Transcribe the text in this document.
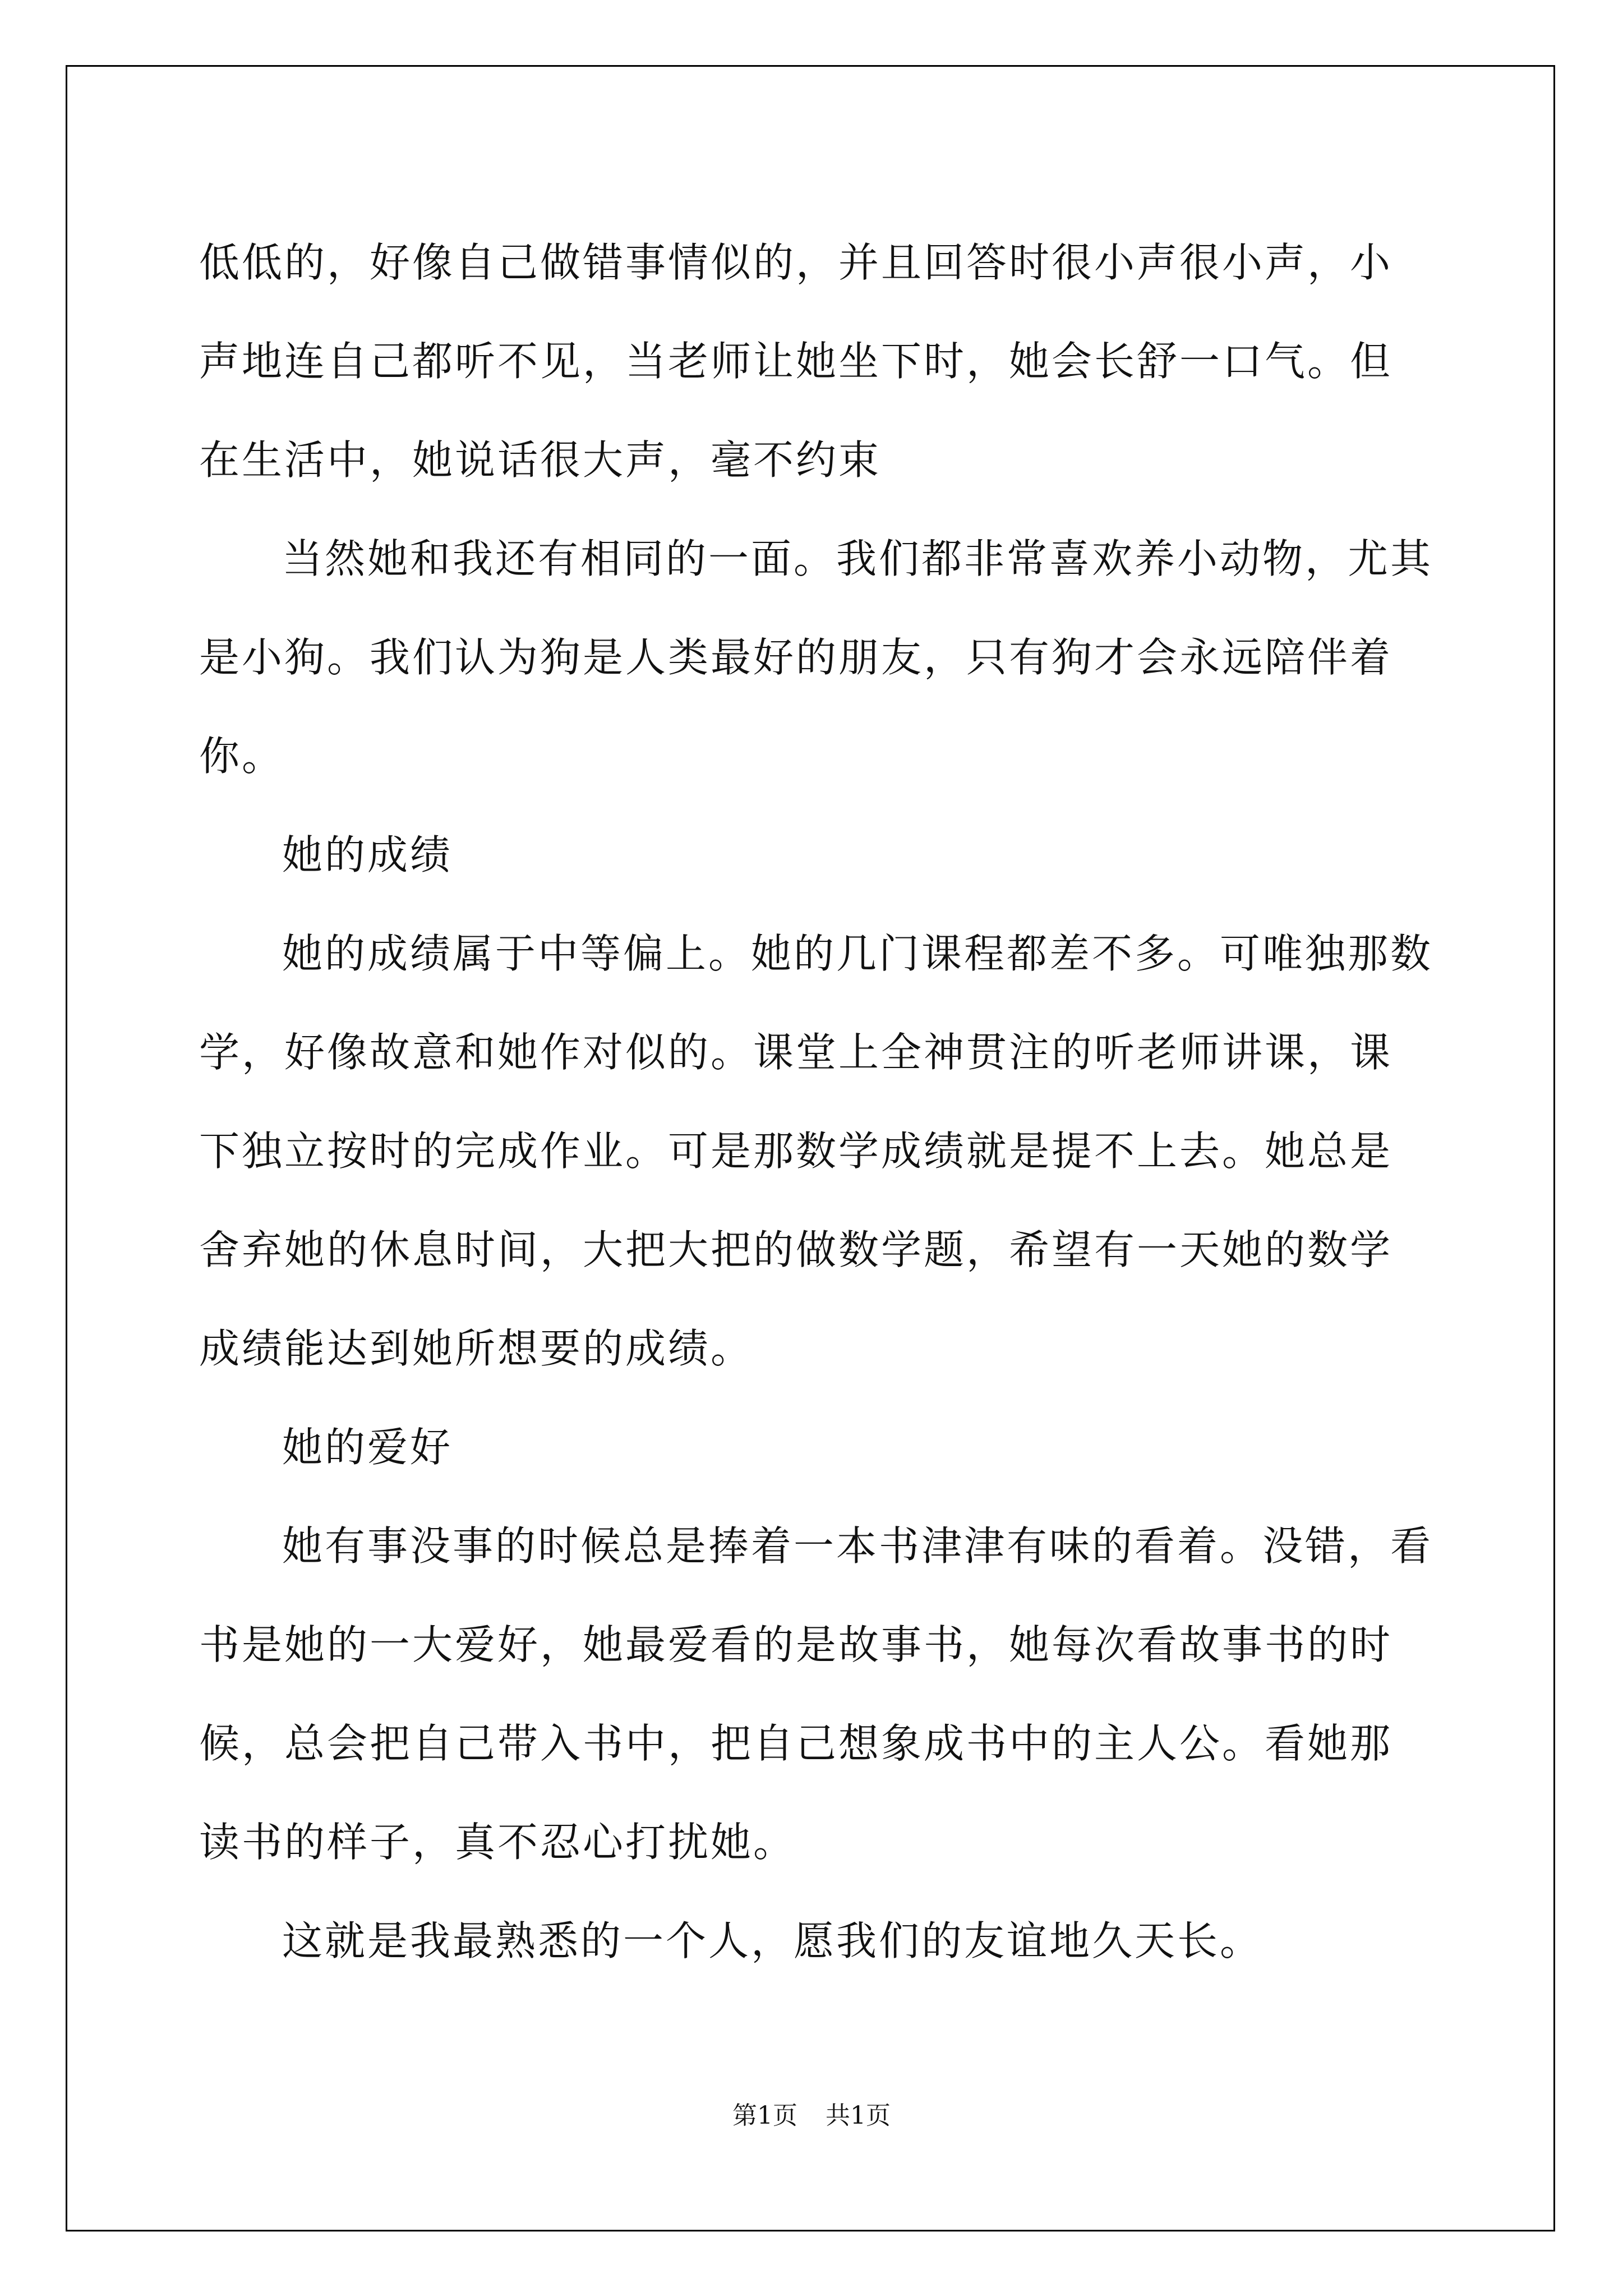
低低的，好像自己做错事情似的，并且回答时很小声很小声，小声地连自己都听不见，当老师让她坐下时，她会长舒一口气。但在生活中，她说话很大声，毫不约束

当然她和我还有相同的一面。我们都非常喜欢养小动物，尤其是小狗。我们认为狗是人类最好的朋友，只有狗才会永远陪伴着你。

她的成绩

她的成绩属于中等偏上。她的几门课程都差不多。可唯独那数学，好像故意和她作对似的。课堂上全神贯注的听老师讲课，课下独立按时的完成作业。可是那数学成绩就是提不上去。她总是舍弃她的休息时间，大把大把的做数学题，希望有一天她的数学成绩能达到她所想要的成绩。

她的爱好

她有事没事的时候总是捧着一本书津津有味的看着。没错，看书是她的一大爱好，她最爱看的是故事书，她每次看故事书的时候，总会把自己带入书中，把自己想象成书中的主人公。看她那读书的样子，真不忍心打扰她。

这就是我最熟悉的一个人，愿我们的友谊地久天长。

第1页 共1页
